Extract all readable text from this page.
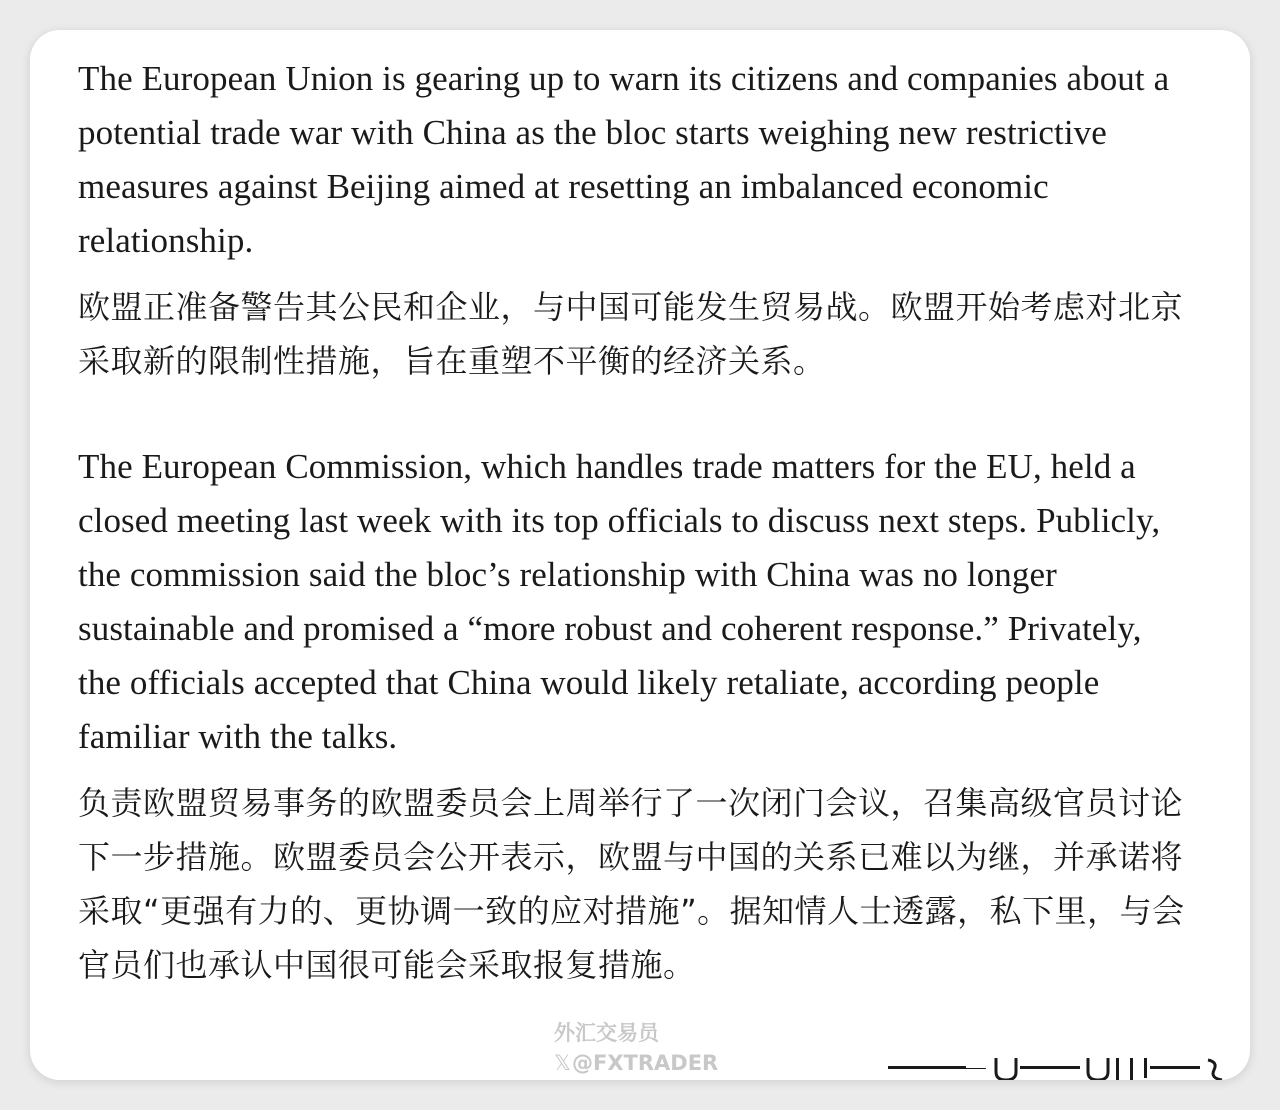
The European Union is gearing up to warn its citizens and companies about a potential trade war with China as the bloc starts weighing new restrictive measures against Beijing aimed at resetting an imbalanced economic relationship.

欧盟正准备警告其公民和企业，与中国可能发生贸易战。欧盟开始考虑对北京采取新的限制性措施，旨在重塑不平衡的经济关系。

The European Commission, which handles trade matters for the EU, held a closed meeting last week with its top officials to discuss next steps. Publicly, the commission said the bloc’s relationship with China was no longer sustainable and promised a “more robust and coherent response.” Privately, the officials accepted that China would likely retaliate, according people familiar with the talks.

负责欧盟贸易事务的欧盟委员会上周举行了一次闭门会议，召集高级官员讨论下一步措施。欧盟委员会公开表示，欧盟与中国的关系已难以为继，并承诺将采取“更强有力的、更协调一致的应对措施”。据知情人士透露，私下里，与会官员们也承认中国很可能会采取报复措施。

外汇交易员
𝕏@FXTRADER
